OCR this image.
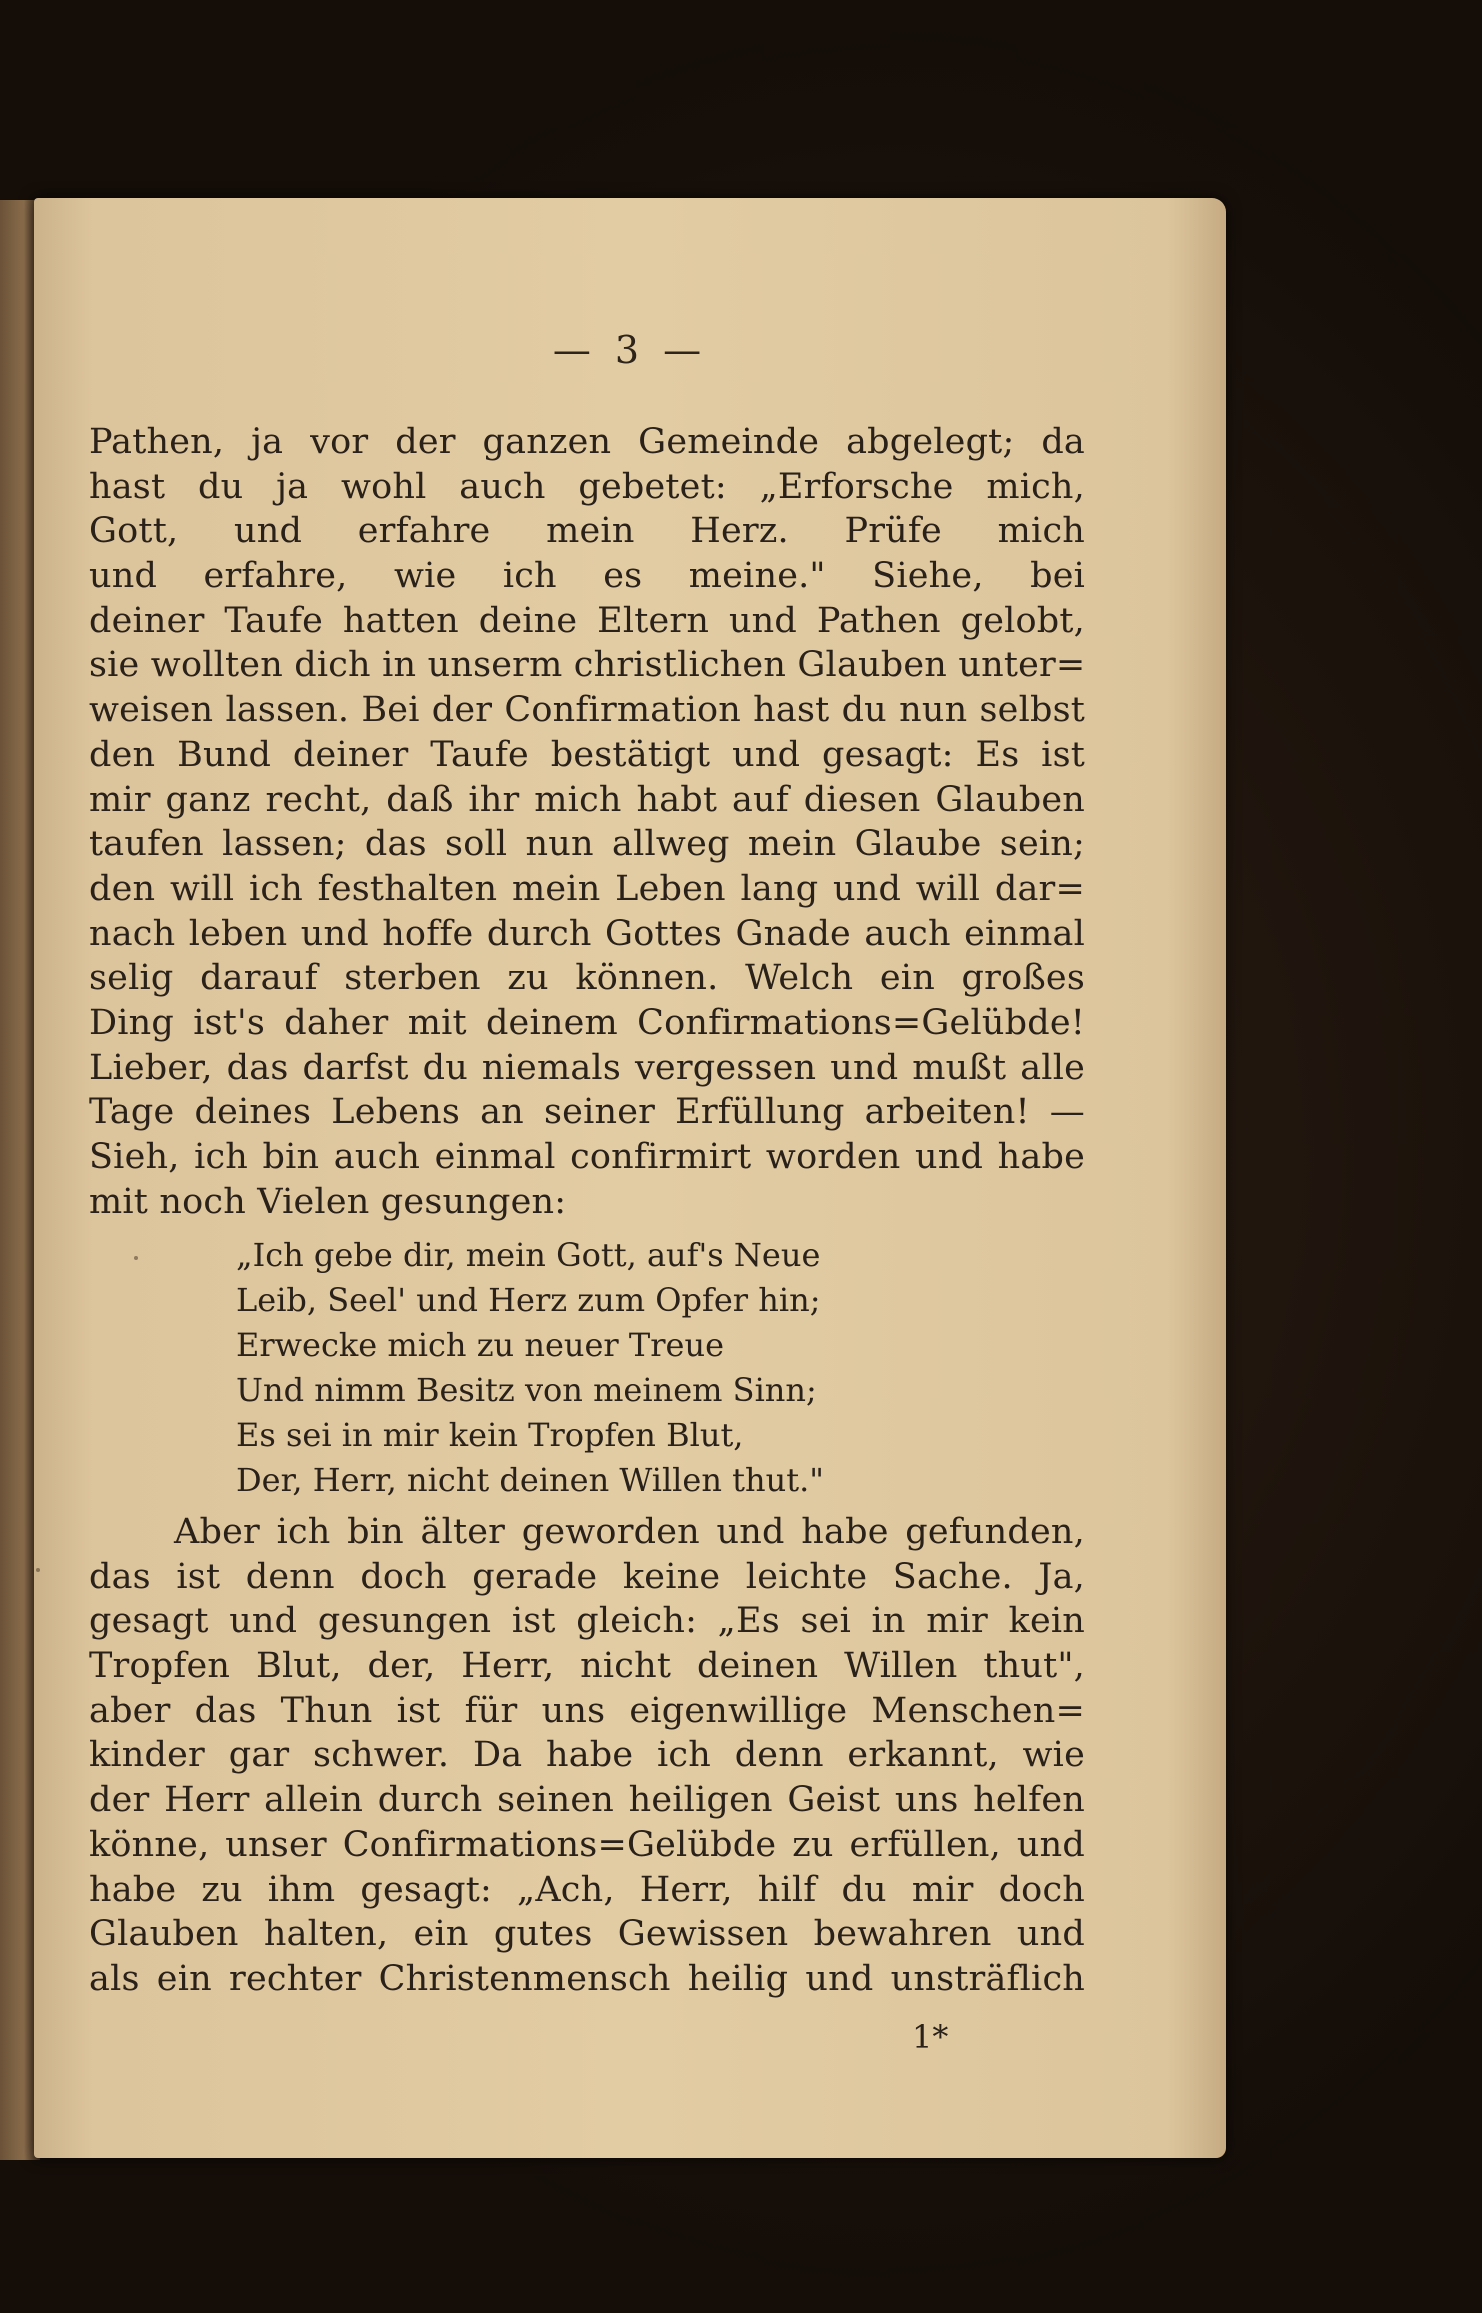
— 3 —
Pathen, ja vor der ganzen Gemeinde abgelegt; da
hast du ja wohl auch gebetet: „Erforsche mich,
Gott, und erfahre mein Herz. Prüfe mich
und erfahre, wie ich es meine." Siehe, bei
deiner Taufe hatten deine Eltern und Pathen gelobt,
sie wollten dich in unserm christlichen Glauben unter=
weisen lassen. Bei der Confirmation hast du nun selbst
den Bund deiner Taufe bestätigt und gesagt: Es ist
mir ganz recht, daß ihr mich habt auf diesen Glauben
taufen lassen; das soll nun allweg mein Glaube sein;
den will ich festhalten mein Leben lang und will dar=
nach leben und hoffe durch Gottes Gnade auch einmal
selig darauf sterben zu können. Welch ein großes
Ding ist's daher mit deinem Confirmations=Gelübde!
Lieber, das darfst du niemals vergessen und mußt alle
Tage deines Lebens an seiner Erfüllung arbeiten! —
Sieh, ich bin auch einmal confirmirt worden und habe
mit noch Vielen gesungen:
„Ich gebe dir, mein Gott, auf's Neue
Leib, Seel' und Herz zum Opfer hin;
Erwecke mich zu neuer Treue
Und nimm Besitz von meinem Sinn;
Es sei in mir kein Tropfen Blut,
Der, Herr, nicht deinen Willen thut."
Aber ich bin älter geworden und habe gefunden,
das ist denn doch gerade keine leichte Sache. Ja,
gesagt und gesungen ist gleich: „Es sei in mir kein
Tropfen Blut, der, Herr, nicht deinen Willen thut",
aber das Thun ist für uns eigenwillige Menschen=
kinder gar schwer. Da habe ich denn erkannt, wie
der Herr allein durch seinen heiligen Geist uns helfen
könne, unser Confirmations=Gelübde zu erfüllen, und
habe zu ihm gesagt: „Ach, Herr, hilf du mir doch
Glauben halten, ein gutes Gewissen bewahren und
als ein rechter Christenmensch heilig und unsträflich
1*
